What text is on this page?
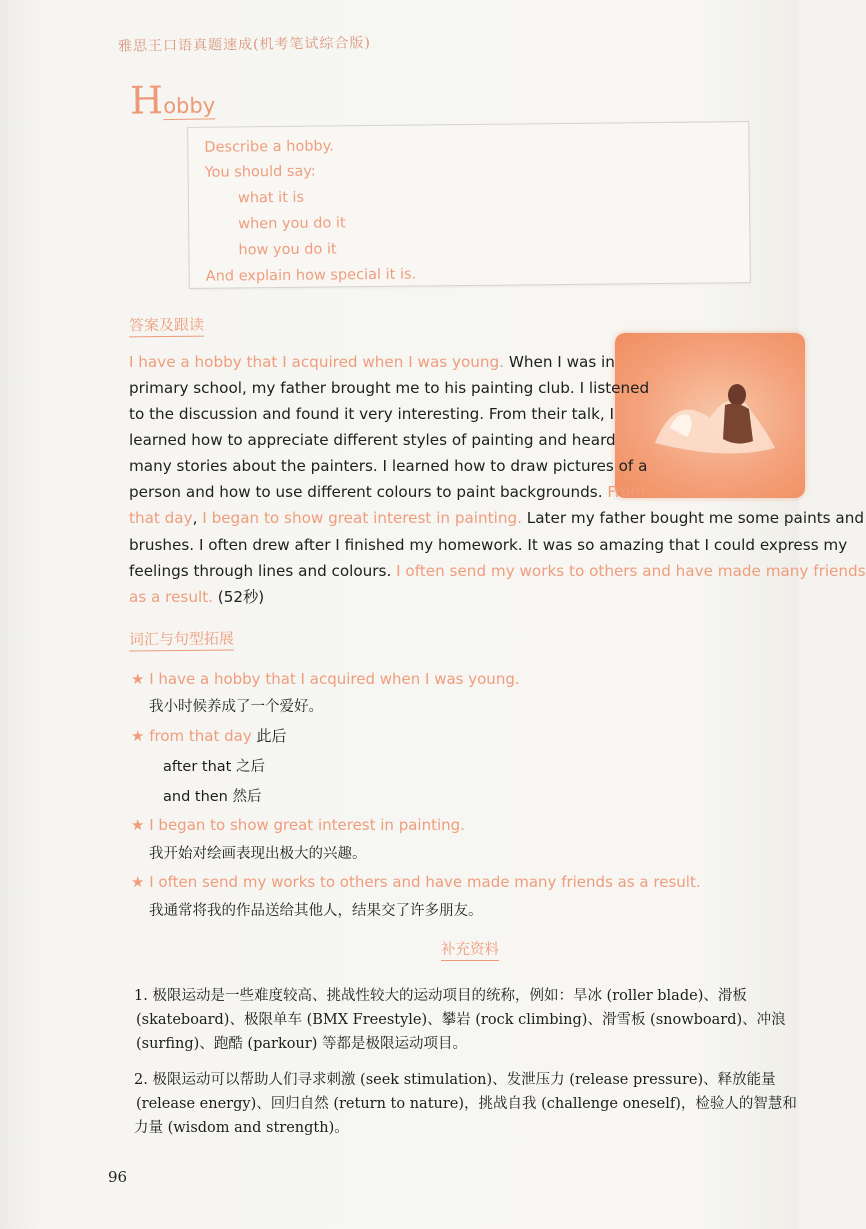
雅思王口语真题速成(机考笔试综合版)
Hobby
Describe a hobby.
You should say:
what it is
when you do it
how you do it
And explain how special it is.
答案及跟读
I have a hobby that I acquired when I was young. When I was in
primary school, my father brought me to his painting club. I listened
to the discussion and found it very interesting. From their talk, I
learned how to appreciate different styles of painting and heard
many stories about the painters. I learned how to draw pictures of a
person and how to use different colours to paint backgrounds. From
that day, I began to show great interest in painting. Later my father bought me some paints and
brushes. I often drew after I finished my homework. It was so amazing that I could express my
feelings through lines and colours. I often send my works to others and have made many friends
as a result. (52秒)
词汇与句型拓展
★ I have a hobby that I acquired when I was young.
我小时候养成了一个爱好。
★ from that day 此后
after that 之后
and then 然后
★ I began to show great interest in painting.
我开始对绘画表现出极大的兴趣。
★ I often send my works to others and have made many friends as a result.
我通常将我的作品送给其他人，结果交了许多朋友。
补充资料
1. 极限运动是一些难度较高、挑战性较大的运动项目的统称，例如：旱冰 (roller blade)、滑板
(skateboard)、极限单车 (BMX Freestyle)、攀岩 (rock climbing)、滑雪板 (snowboard)、冲浪
(surfing)、跑酷 (parkour) 等都是极限运动项目。
2. 极限运动可以帮助人们寻求刺激 (seek stimulation)、发泄压力 (release pressure)、释放能量
(release energy)、回归自然 (return to nature)，挑战自我 (challenge oneself)，检验人的智慧和
力量 (wisdom and strength)。
96
